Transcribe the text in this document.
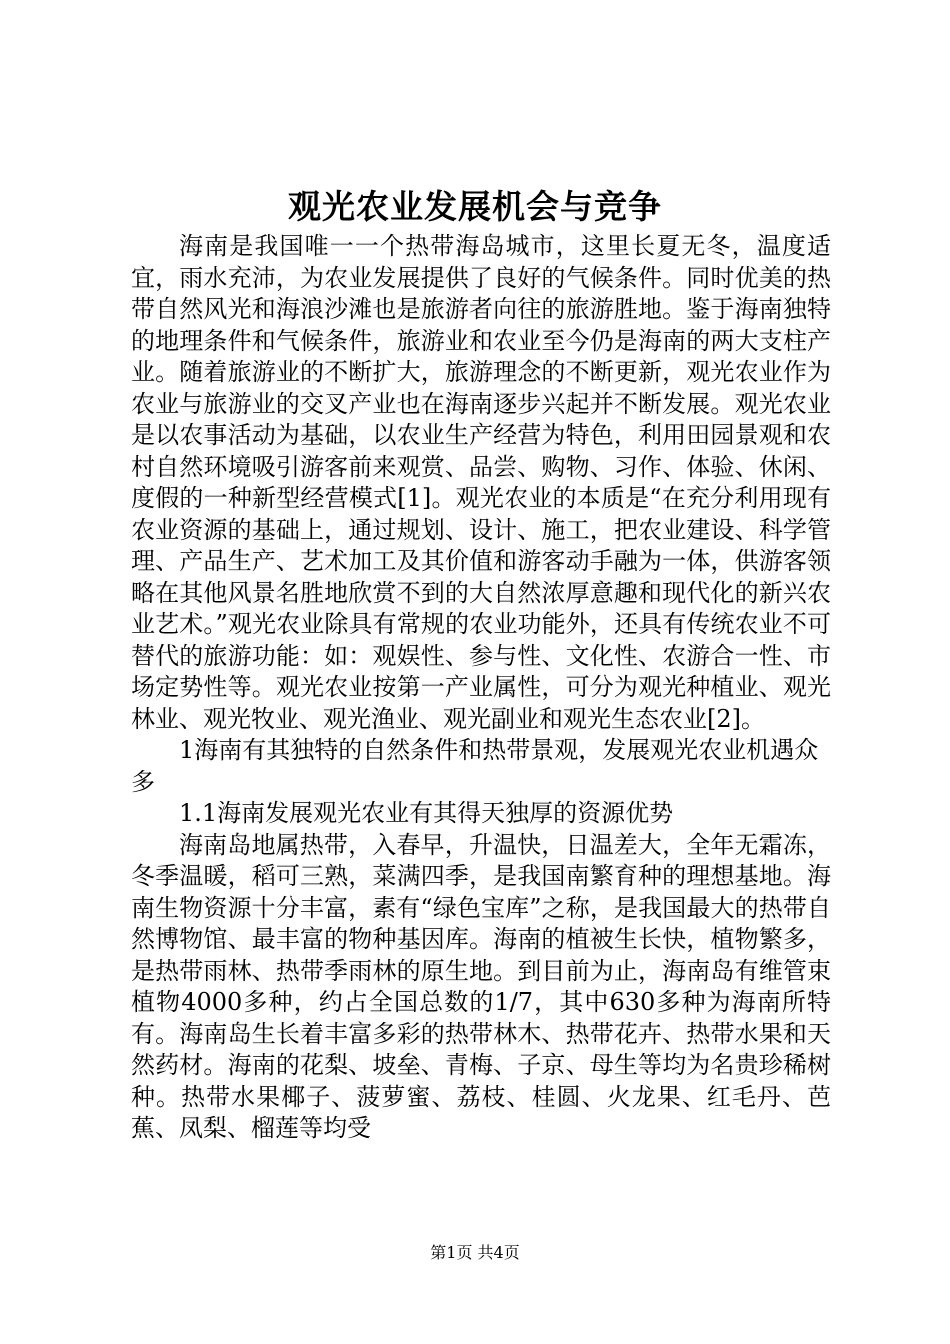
观光农业发展机会与竞争

海南是我国唯一一个热带海岛城市，这里长夏无冬，温度适宜，雨水充沛，为农业发展提供了良好的气候条件。同时优美的热带自然风光和海浪沙滩也是旅游者向往的旅游胜地。鉴于海南独特的地理条件和气候条件，旅游业和农业至今仍是海南的两大支柱产业。随着旅游业的不断扩大，旅游理念的不断更新，观光农业作为农业与旅游业的交叉产业也在海南逐步兴起并不断发展。观光农业是以农事活动为基础，以农业生产经营为特色，利用田园景观和农村自然环境吸引游客前来观赏、品尝、购物、习作、体验、休闲、度假的一种新型经营模式[1]。观光农业的本质是“在充分利用现有农业资源的基础上，通过规划、设计、施工，把农业建设、科学管理、产品生产、艺术加工及其价值和游客动手融为一体，供游客领略在其他风景名胜地欣赏不到的大自然浓厚意趣和现代化的新兴农业艺术。”观光农业除具有常规的农业功能外，还具有传统农业不可替代的旅游功能：如：观娱性、参与性、文化性、农游合一性、市场定势性等。观光农业按第一产业属性，可分为观光种植业、观光林业、观光牧业、观光渔业、观光副业和观光生态农业[2]。

1海南有其独特的自然条件和热带景观，发展观光农业机遇众多

1.1海南发展观光农业有其得天独厚的资源优势

海南岛地属热带，入春早，升温快，日温差大，全年无霜冻，冬季温暖，稻可三熟，菜满四季，是我国南繁育种的理想基地。海南生物资源十分丰富，素有“绿色宝库”之称，是我国最大的热带自然博物馆、最丰富的物种基因库。海南的植被生长快，植物繁多，是热带雨林、热带季雨林的原生地。到目前为止，海南岛有维管束植物4000多种，约占全国总数的1/7，其中630多种为海南所特有。海南岛生长着丰富多彩的热带林木、热带花卉、热带水果和天然药材。海南的花梨、坡垒、青梅、子京、母生等均为名贵珍稀树种。热带水果椰子、菠萝蜜、荔枝、桂圆、火龙果、红毛丹、芭蕉、凤梨、榴莲等均受

第1页 共4页
